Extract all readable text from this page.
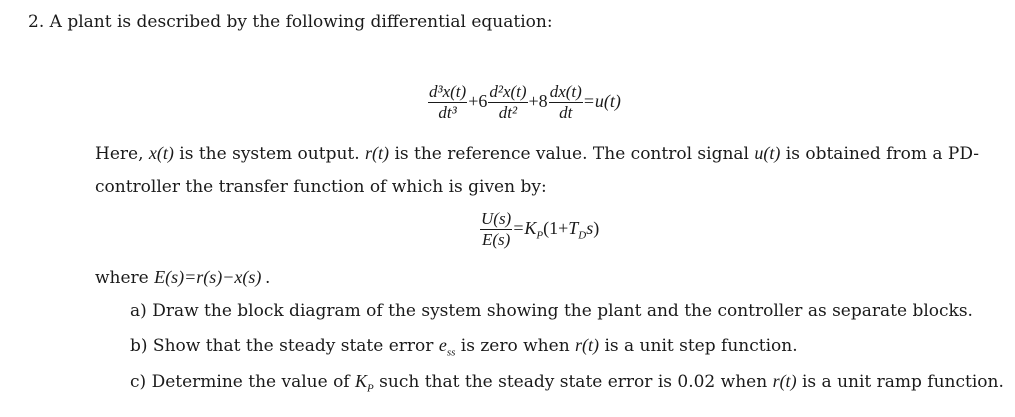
2. A plant is described by the following differential equation:
$\frac{\text{d³x(t)}}{\text{dt³}} +6 \frac{\text{d²x(t)}}{\text{dt²}} +8 \frac{dx(t)}{dt} =u(t)$
Here, x(t) is the system output. r(t) is the reference value. The control signal u(t) is obtained from a PD-
controller the transfer function of which is given by:
$\frac{U(s)}{E(s)} =K_P(1+T_Ds)$
where E(s)=r(s)−x(s) .
a) Draw the block diagram of the system showing the plant and the controller as separate blocks.
b) Show that the steady state error $e_{ss}$ is zero when r(t) is a unit step function.
c) Determine the value of $K_P$ such that the steady state error is 0.02 when r(t) is a unit ramp function.
